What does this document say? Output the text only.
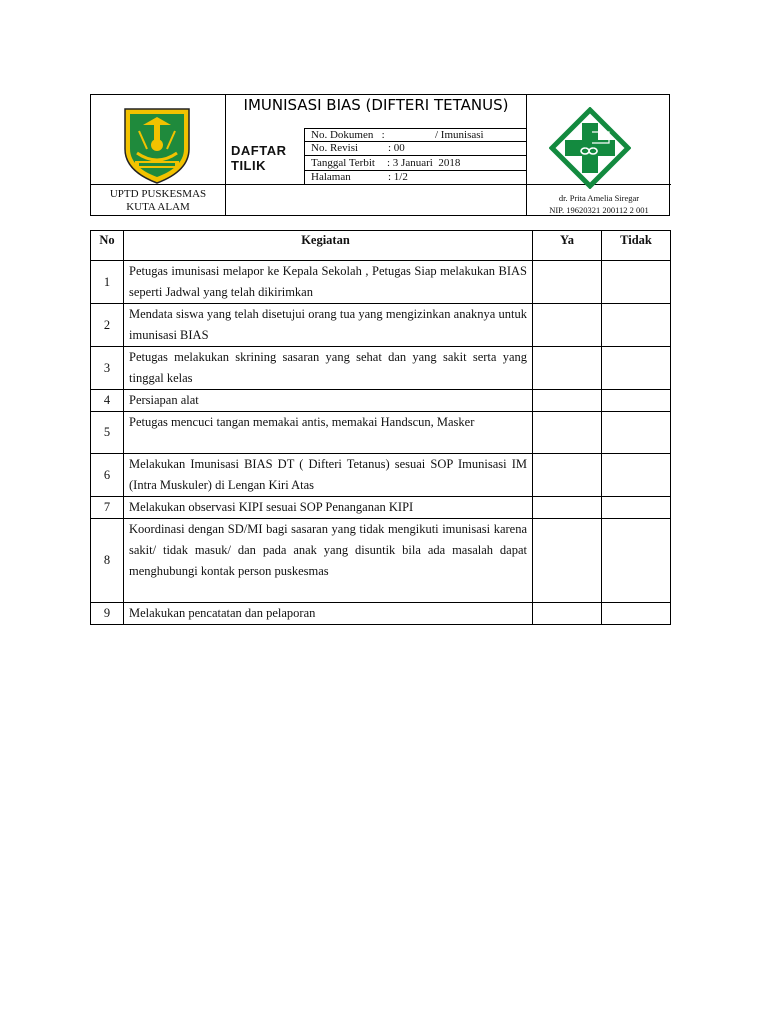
IMUNISASI BIAS (DIFTERI TETANUS)
DAFTAR
TILIK
No. Dokumen   :	/ Imunisasi
No. Revisi	: 00
Tanggal Terbit : 3 Januari  2018
Halaman	: 1/2
UPTD PUSKESMAS
KUTA ALAM
dr. Prita Amelia Siregar
NIP. 19620321 200112 2 001
No	Kegiatan	Ya	Tidak
1	Petugas imunisasi melapor ke Kepala Sekolah , Petugas Siap melakukan BIAS seperti Jadwal yang telah dikirimkan		
2	Mendata siswa yang telah disetujui orang tua yang mengizinkan anaknya untuk imunisasi BIAS		
3	Petugas melakukan skrining sasaran yang sehat dan yang sakit serta yang tinggal kelas		
4	Persiapan alat		
5	Petugas mencuci tangan memakai antis, memakai Handscun, Masker		
6	Melakukan Imunisasi BIAS DT ( Difteri Tetanus) sesuai SOP Imunisasi IM (Intra Muskuler) di Lengan Kiri Atas		
7	Melakukan observasi KIPI sesuai SOP Penanganan KIPI		
8	Koordinasi dengan SD/MI bagi sasaran yang tidak mengikuti imunisasi karena sakit/ tidak masuk/ dan pada anak yang disuntik bila ada masalah dapat menghubungi kontak person puskesmas		
9	Melakukan pencatatan dan pelaporan		
